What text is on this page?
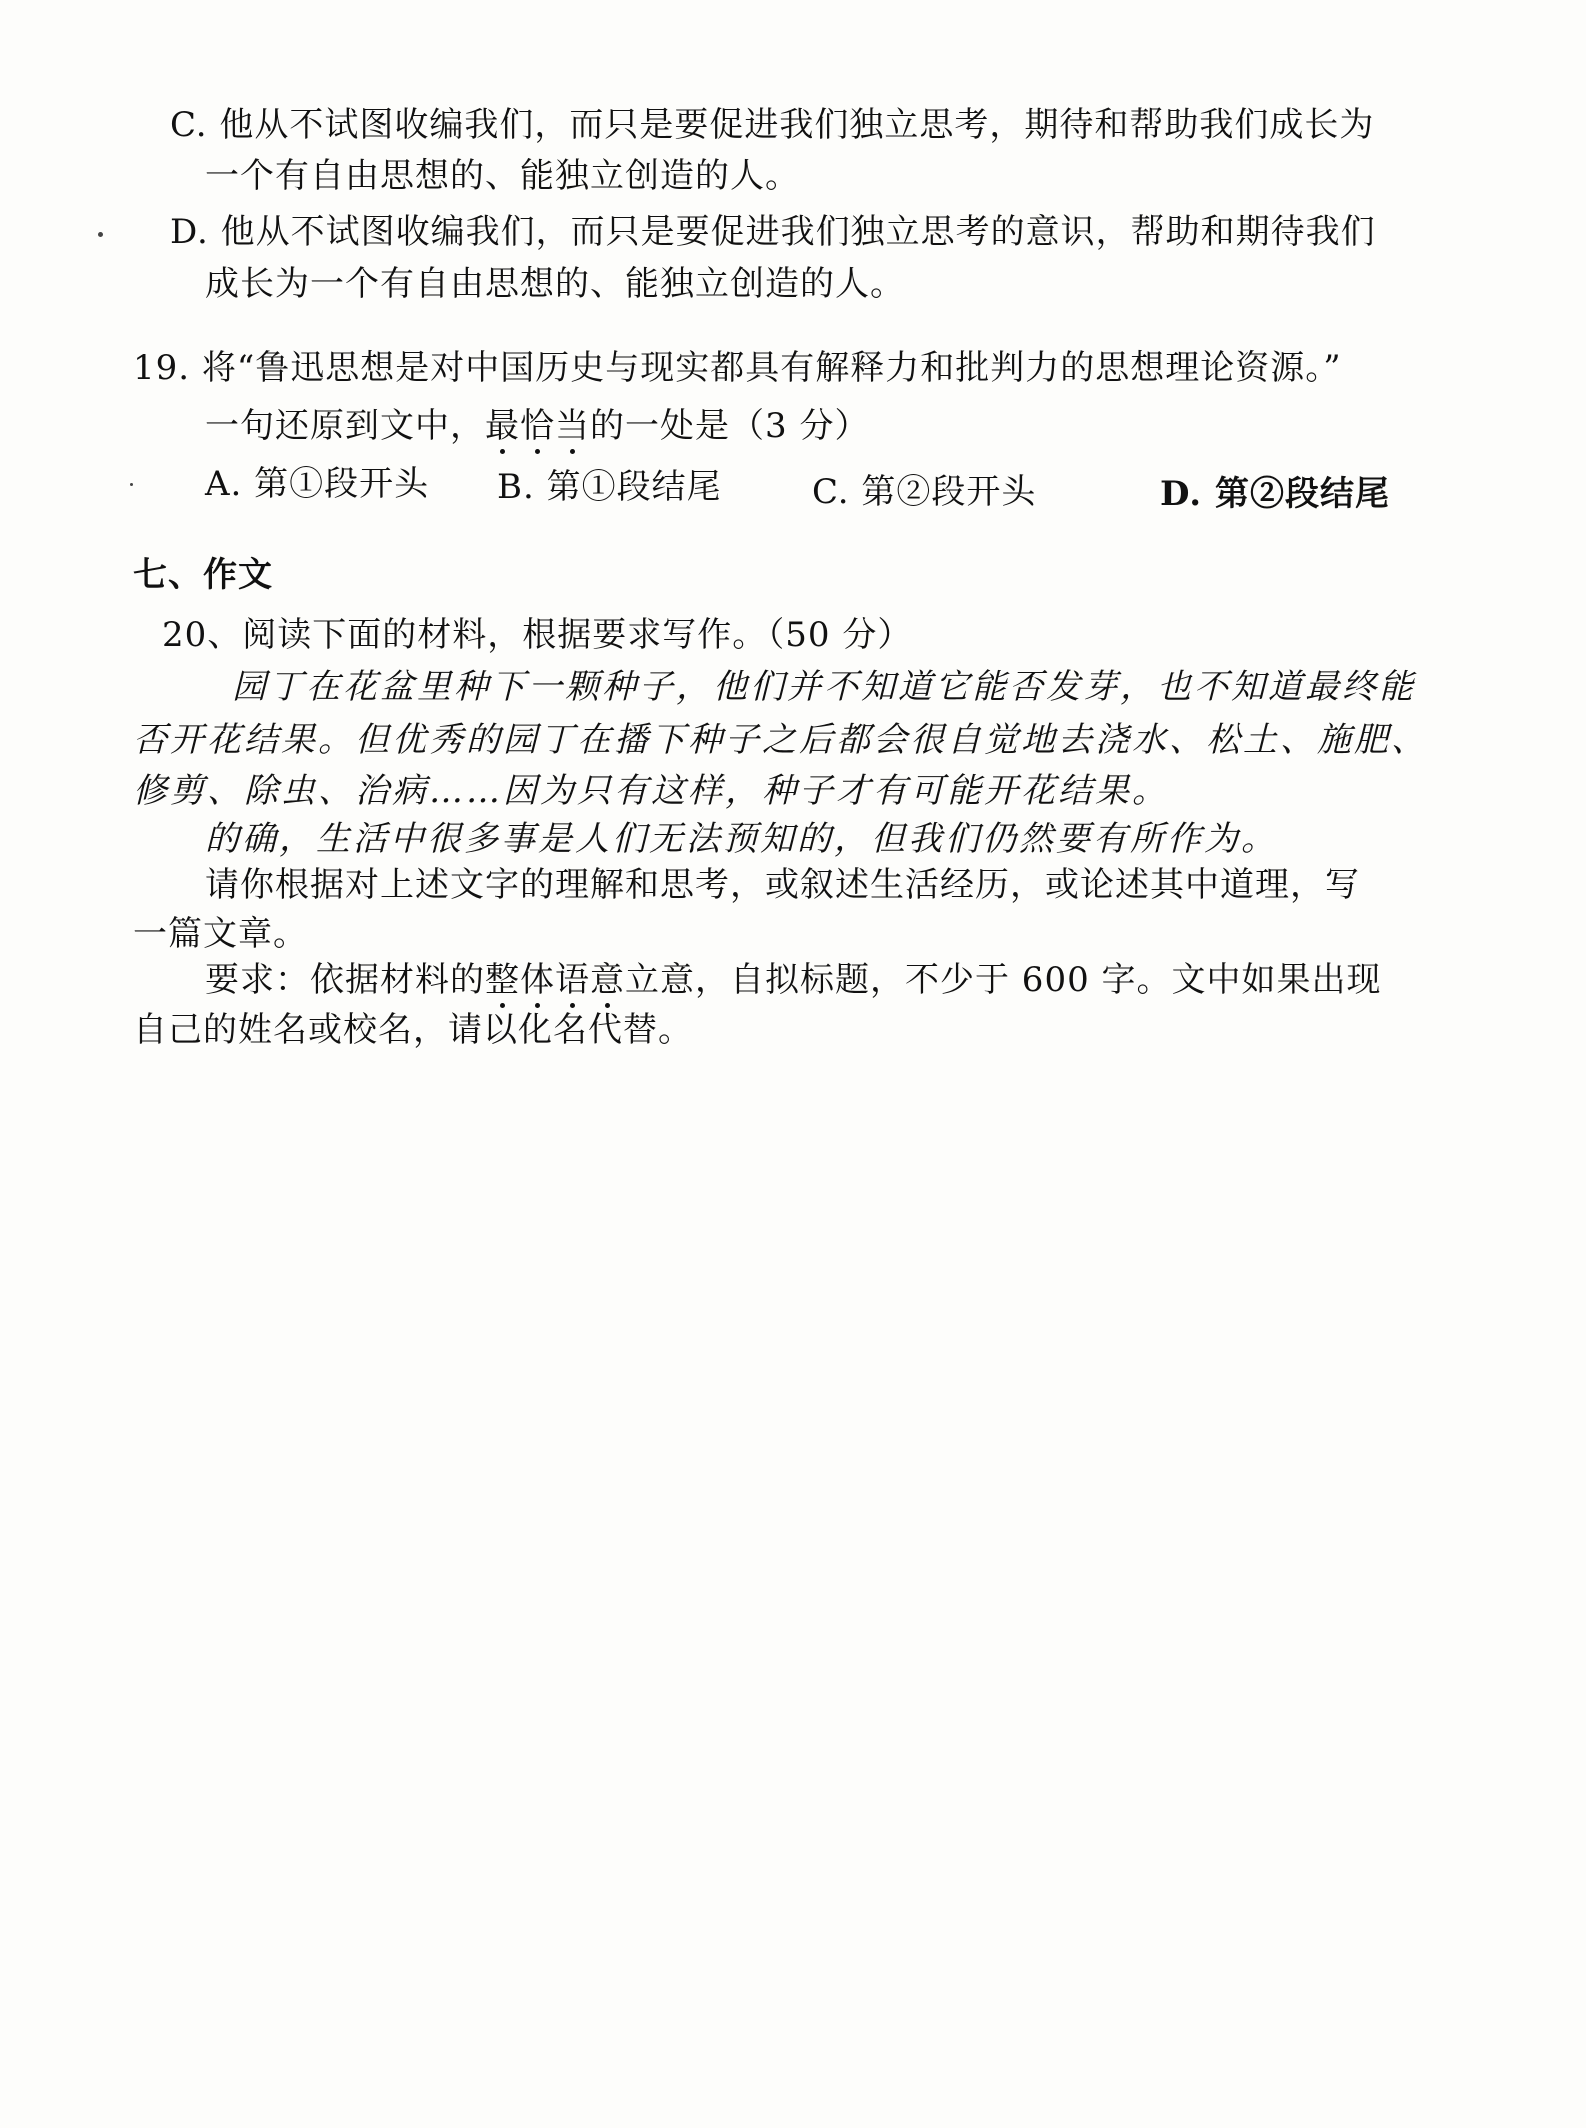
C. 他从不试图收编我们，而只是要促进我们独立思考，期待和帮助我们成长为
一个有自由思想的、能独立创造的人。
D. 他从不试图收编我们，而只是要促进我们独立思考的意识，帮助和期待我们
成长为一个有自由思想的、能独立创造的人。
19. 将“鲁迅思想是对中国历史与现实都具有解释力和批判力的思想理论资源。”
一句还原到文中，最恰当的一处是（3 分）
A. 第①段开头 B. 第①段结尾	C. 第②段开头	D. 第②段结尾
七、作文
20、阅读下面的材料，根据要求写作。（50 分）
园丁在花盆里种下一颗种子，他们并不知道它能否发芽，也不知道最终能
否开花结果。但优秀的园丁在播下种子之后都会很自觉地去浇水、松土、施肥、
修剪、除虫、治病……因为只有这样，种子才有可能开花结果。
的确，生活中很多事是人们无法预知的，但我们仍然要有所作为。
请你根据对上述文字的理解和思考，或叙述生活经历，或论述其中道理，写
一篇文章。
要求：依据材料的整体语意立意，自拟标题，不少于 600 字。文中如果出现
自己的姓名或校名，请以化名代替。
